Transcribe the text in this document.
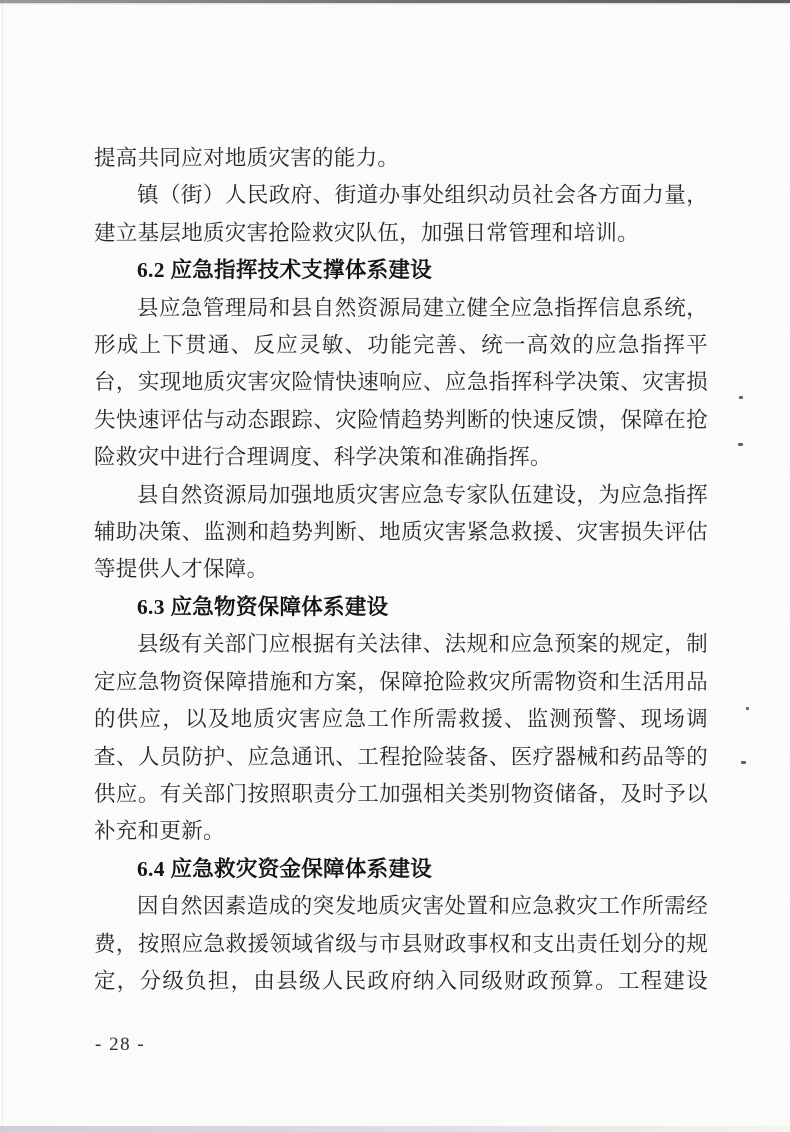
提高共同应对地质灾害的能力。

镇（街）人民政府、街道办事处组织动员社会各方面力量，建立基层地质灾害抢险救灾队伍，加强日常管理和培训。

6.2 应急指挥技术支撑体系建设

县应急管理局和县自然资源局建立健全应急指挥信息系统，形成上下贯通、反应灵敏、功能完善、统一高效的应急指挥平台，实现地质灾害灾险情快速响应、应急指挥科学决策、灾害损失快速评估与动态跟踪、灾险情趋势判断的快速反馈，保障在抢险救灾中进行合理调度、科学决策和准确指挥。

县自然资源局加强地质灾害应急专家队伍建设，为应急指挥辅助决策、监测和趋势判断、地质灾害紧急救援、灾害损失评估等提供人才保障。

6.3 应急物资保障体系建设

县级有关部门应根据有关法律、法规和应急预案的规定，制定应急物资保障措施和方案，保障抢险救灾所需物资和生活用品的供应，以及地质灾害应急工作所需救援、监测预警、现场调查、人员防护、应急通讯、工程抢险装备、医疗器械和药品等的供应。有关部门按照职责分工加强相关类别物资储备，及时予以补充和更新。

6.4 应急救灾资金保障体系建设

因自然因素造成的突发地质灾害处置和应急救灾工作所需经费，按照应急救援领域省级与市县财政事权和支出责任划分的规定，分级负担，由县级人民政府纳入同级财政预算。工程建设

- 28 -
